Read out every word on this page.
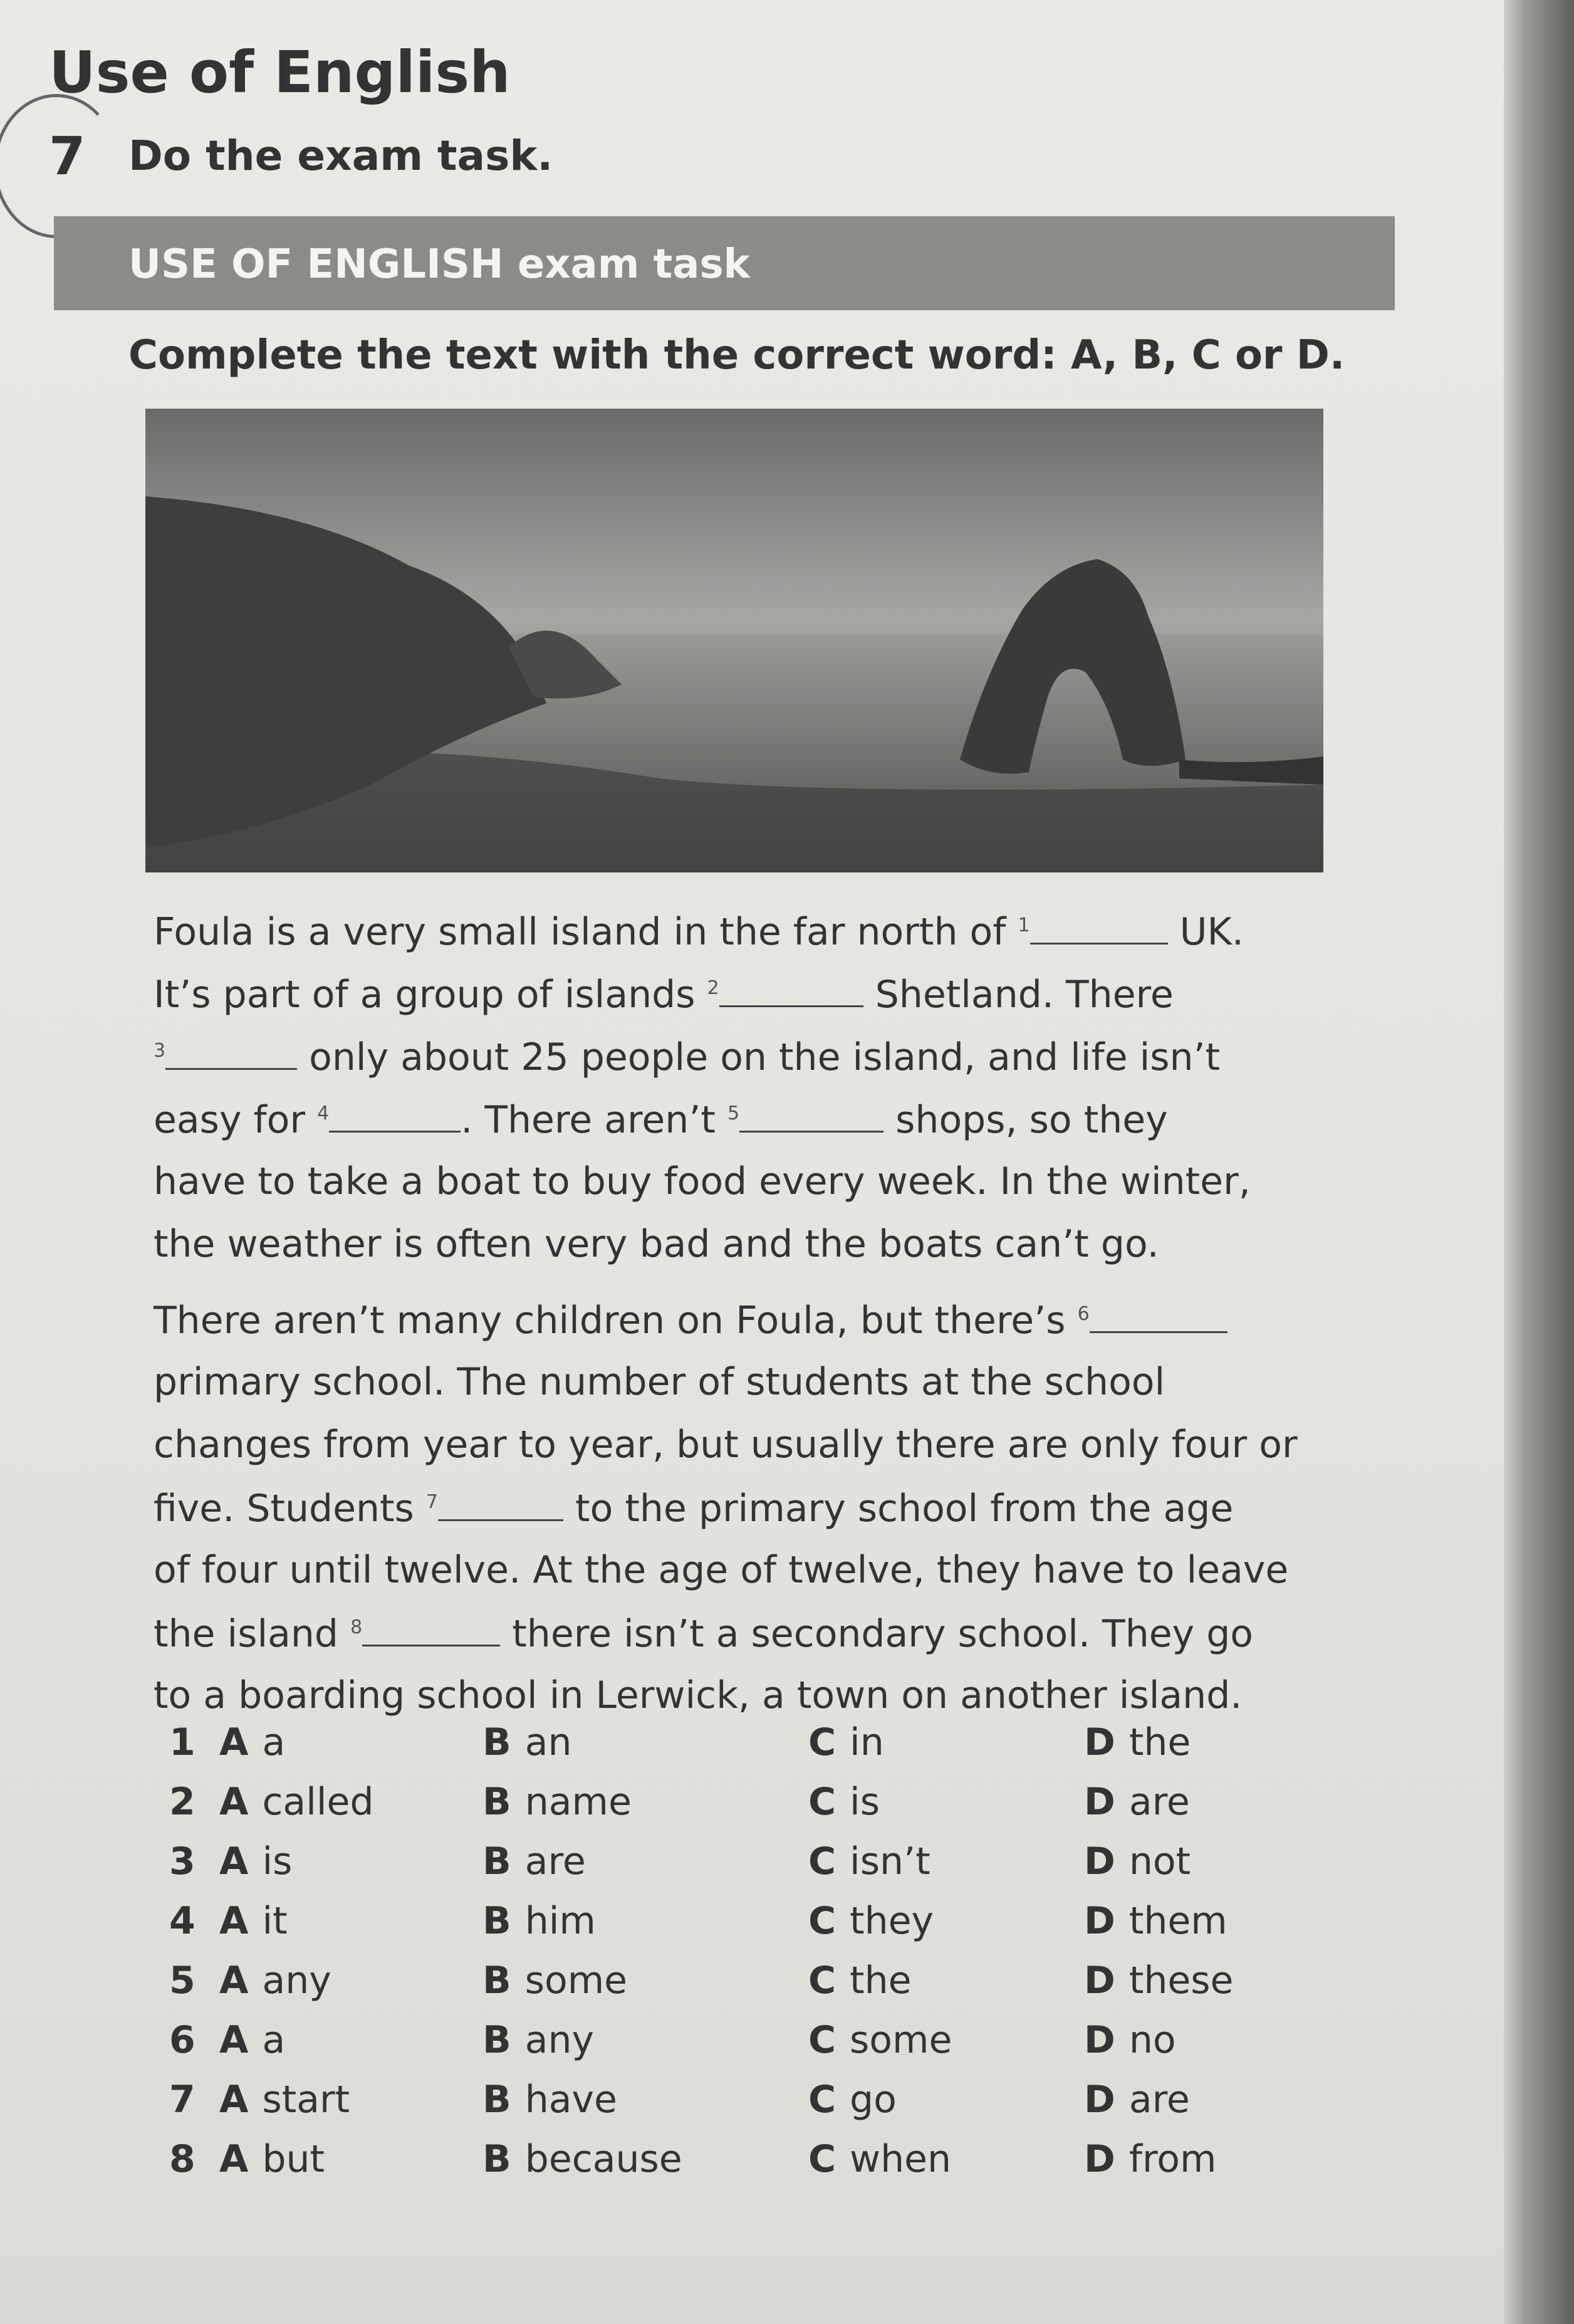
Use of English
7 Do the exam task.
USE OF ENGLISH exam task
Complete the text with the correct word: A, B, C or D.
Foula is a very small island in the far north of $^1$	UK.
It’s part of a group of islands $^2$	Shetland. There
$^3$	only about 25 people on the island, and life isn’t
easy for $^4$	. There aren’t $^5$	shops, so they
have to take a boat to buy food every week. In the winter,
the weather is often very bad and the boats can’t go.
There aren’t many children on Foula, but there’s $^6$
primary school. The number of students at the school
changes from year to year, but usually there are only four or
five. Students $^7$	to the primary school from the age
of four until twelve. At the age of twelve, they have to leave
the island $^8$	there isn’t a secondary school. They go
to a boarding school in Lerwick, a town on another island.
1 A a	B an	C in	D the
2 A called	B name	C is	D are
3 A is	B are	C isn’t	D not
4 A it	B him	C they	D them
5 A any	B some	C the	D these
6 A a	B any	C some	D no
7 A start	B have	C go	D are
8 A but	B because	C when	D from
